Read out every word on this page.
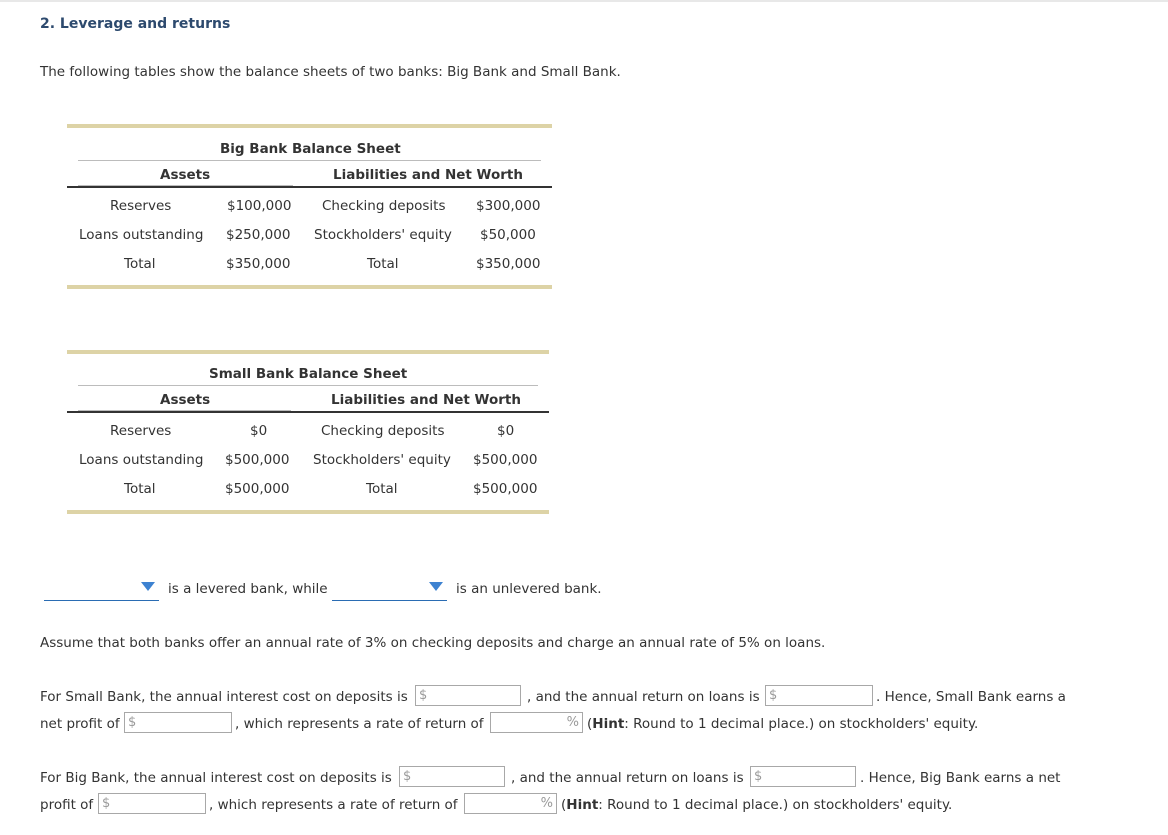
2. Leverage and returns
The following tables show the balance sheets of two banks: Big Bank and Small Bank.
Big Bank Balance Sheet
Assets	Liabilities and Net Worth
Reserves	$100,000 Checking deposits $300,000
Loans outstanding $250,000 Stockholders' equity $50,000
Total	$350,000	Total	$350,000
Small Bank Balance Sheet
Assets	Liabilities and Net Worth
Reserves	$0	Checking deposits	$0
Loans outstanding $500,000 Stockholders' equity $500,000
Total	$500,000	Total	$500,000
is a levered bank, while	is an unlevered bank.
Assume that both banks offer an annual rate of 3% on checking deposits and charge an annual rate of 5% on loans.
For Small Bank, the annual interest cost on deposits is $	, and the annual return on loans is $	. Hence, Small Bank earns a
net profit of $	, which represents a rate of return of	% (Hint: Round to 1 decimal place.) on stockholders' equity.
For Big Bank, the annual interest cost on deposits is $	, and the annual return on loans is $	. Hence, Big Bank earns a net
profit of $	, which represents a rate of return of	% (Hint: Round to 1 decimal place.) on stockholders' equity.
